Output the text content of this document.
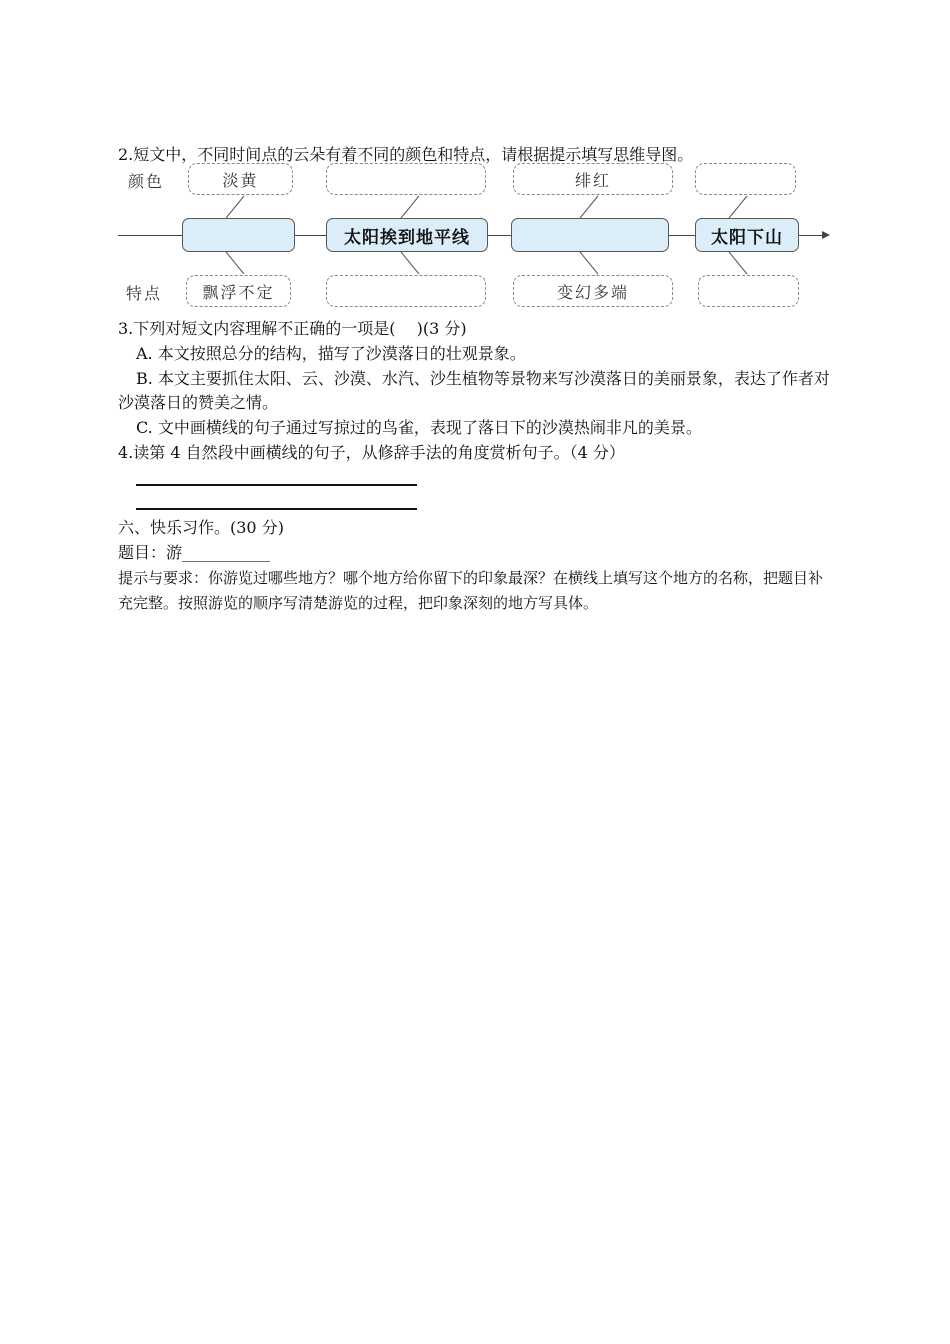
2.短文中，不同时间点的云朵有着不同的颜色和特点，请根据提示填写思维导图。
颜色
特点
淡黄	绯红
太阳挨到地平线	太阳下山
飘浮不定	变幻多端
3.下列对短文内容理解不正确的一项是(　 )(3 分)
A. 本文按照总分的结构，描写了沙漠落日的壮观景象。
B. 本文主要抓住太阳、云、沙漠、水汽、沙生植物等景物来写沙漠落日的美丽景象，表达了作者对沙漠落日的赞美之情。
C. 文中画横线的句子通过写掠过的鸟雀，表现了落日下的沙漠热闹非凡的美景。
4.读第 4 自然段中画横线的句子，从修辞手法的角度赏析句子。（4 分）
六、快乐习作。(30 分)
题目：游___________
提示与要求：你游览过哪些地方？哪个地方给你留下的印象最深？在横线上填写这个地方的名称，把题目补充完整。按照游览的顺序写清楚游览的过程，把印象深刻的地方写具体。
